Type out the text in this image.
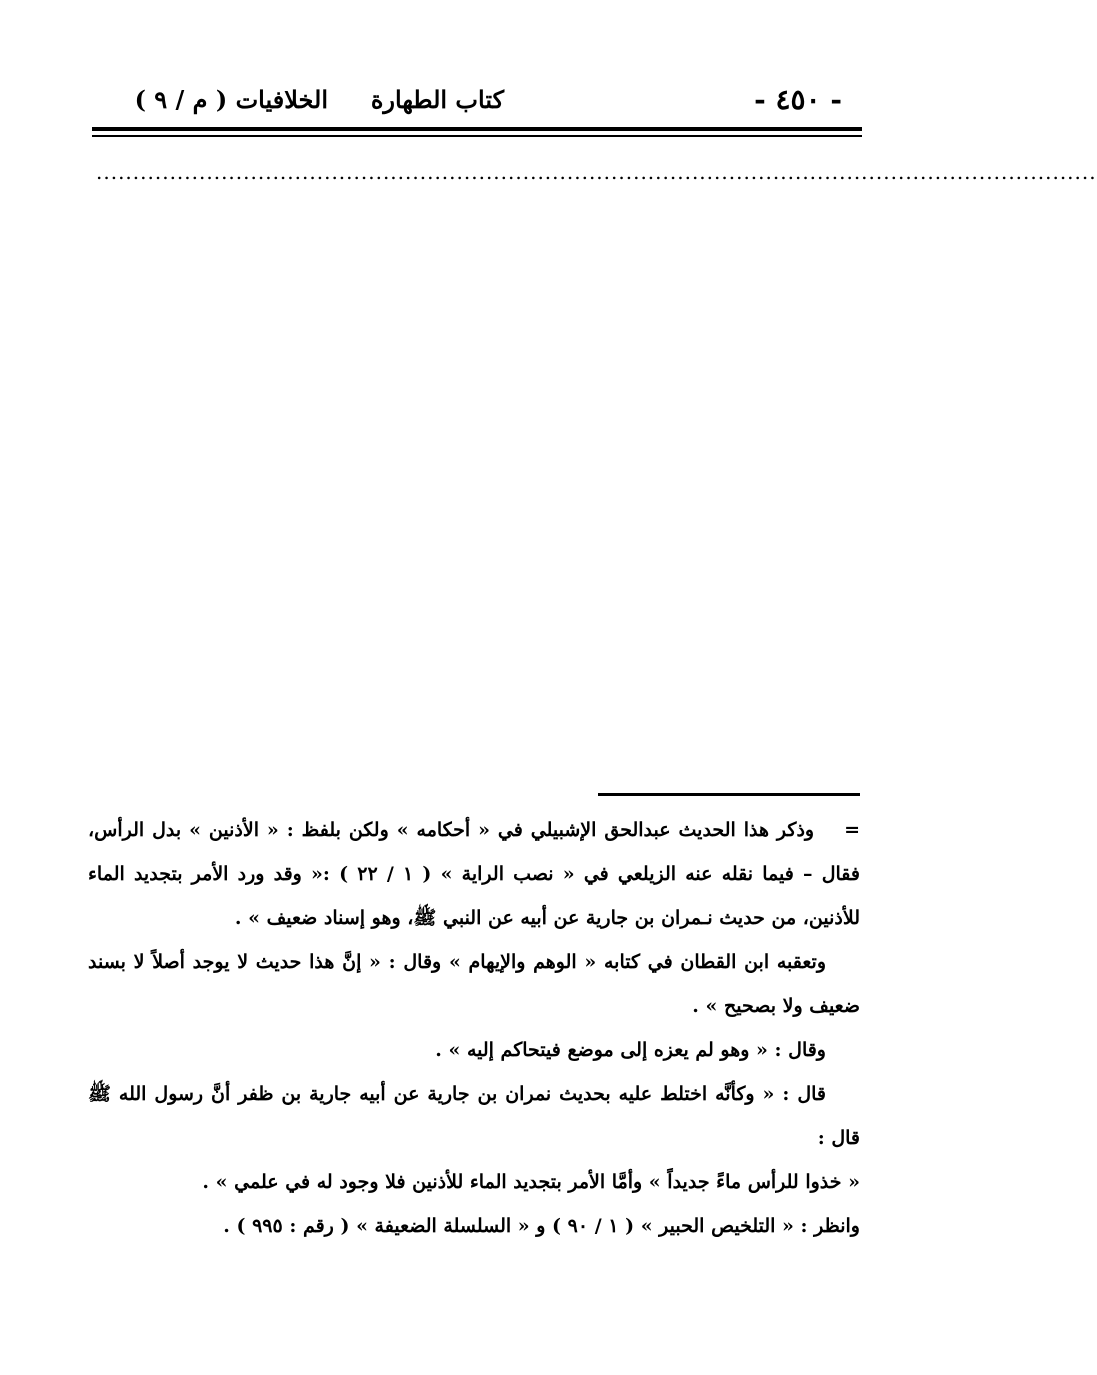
- ٤٥٠ -
كتاب الطهارة
الخلافيات ( م / ٩ )
........................................................................................................................................

=وذكر هذا الحديث عبدالحق الإشبيلي في « أحكامه » ولكن بلفظ : « الأذنين » بدل الرأس، فقال – فيما نقله عنه الزيلعي في « نصب الراية » ( ١ / ٢٢ ) :« وقد ورد الأمر بتجديد الماء للأذنين، من حديث نـمران بن جارية عن أبيه عن النبي ﷺ، وهو إسناد ضعيف » .

وتعقبه ابن القطان في كتابه « الوهم والإيهام » وقال : « إنَّ هذا حديث لا يوجد أصلاً لا بسند ضعيف ولا بصحيح » .

وقال : « وهو لم يعزه إلى موضع فيتحاكم إليه » .

قال : « وكأنَّه اختلط عليه بحديث نمران بن جارية عن أبيه جارية بن ظفر أنَّ رسول الله ﷺ قال :

« خذوا للرأس ماءً جديداً » وأمَّا الأمر بتجديد الماء للأذنين فلا وجود له في علمي » .

وانظر : « التلخيص الحبير » ( ١ / ٩٠ ) و « السلسلة الضعيفة » ( رقم : ٩٩٥ ) .
